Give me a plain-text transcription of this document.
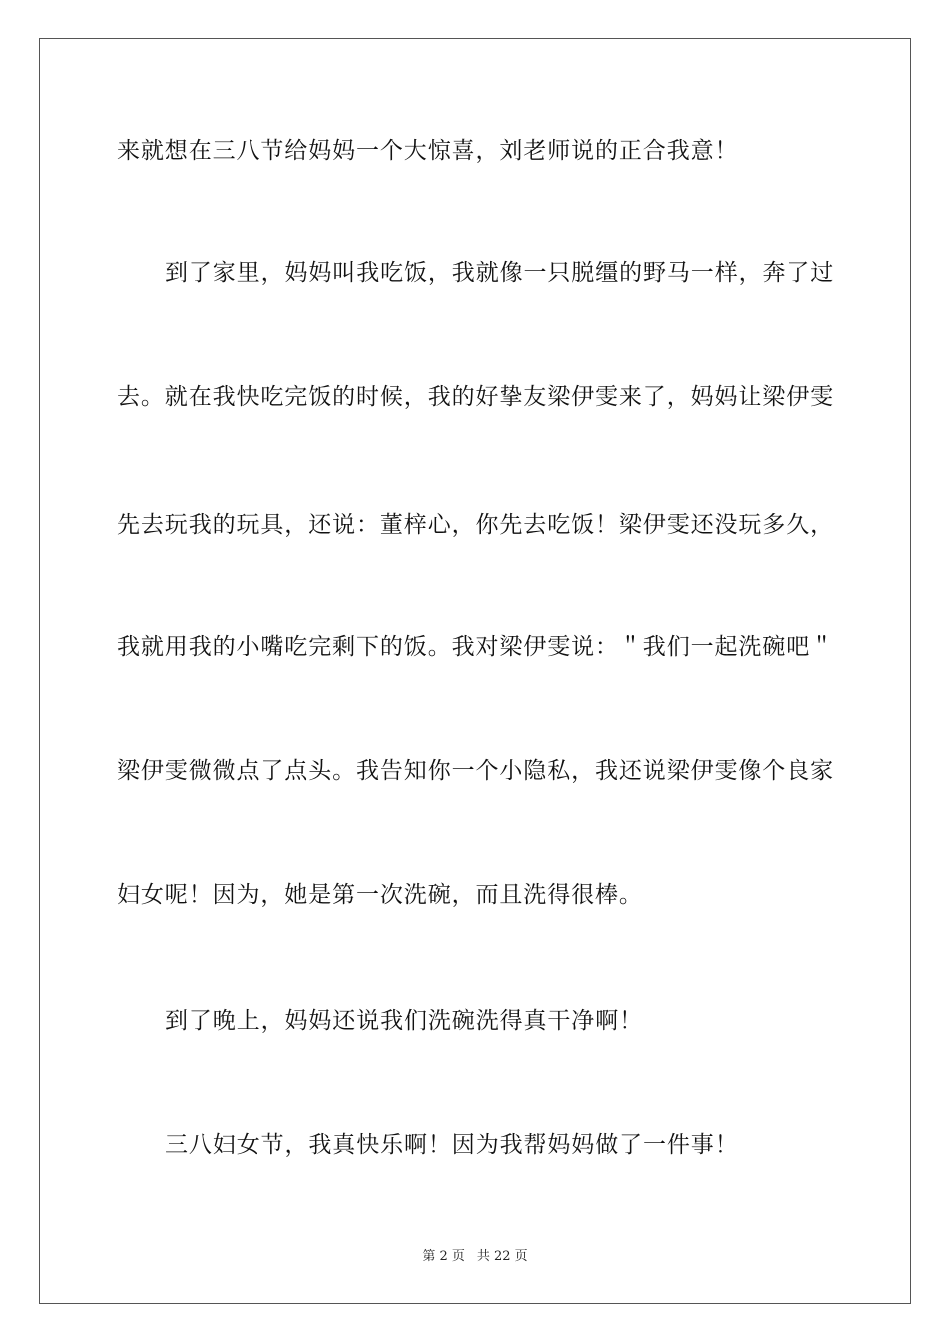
来就想在三八节给妈妈一个大惊喜，刘老师说的正合我意！
到了家里，妈妈叫我吃饭，我就像一只脱缰的野马一样，奔了过
去。就在我快吃完饭的时候，我的好挚友梁伊雯来了，妈妈让梁伊雯
先去玩我的玩具，还说：董梓心，你先去吃饭！梁伊雯还没玩多久，
我就用我的小嘴吃完剩下的饭。我对梁伊雯说：＂我们一起洗碗吧＂
梁伊雯微微点了点头。我告知你一个小隐私，我还说梁伊雯像个良家
妇女呢！因为，她是第一次洗碗，而且洗得很棒。
到了晚上，妈妈还说我们洗碗洗得真干净啊！
三八妇女节，我真快乐啊！因为我帮妈妈做了一件事！
第 2 页 共 22 页
